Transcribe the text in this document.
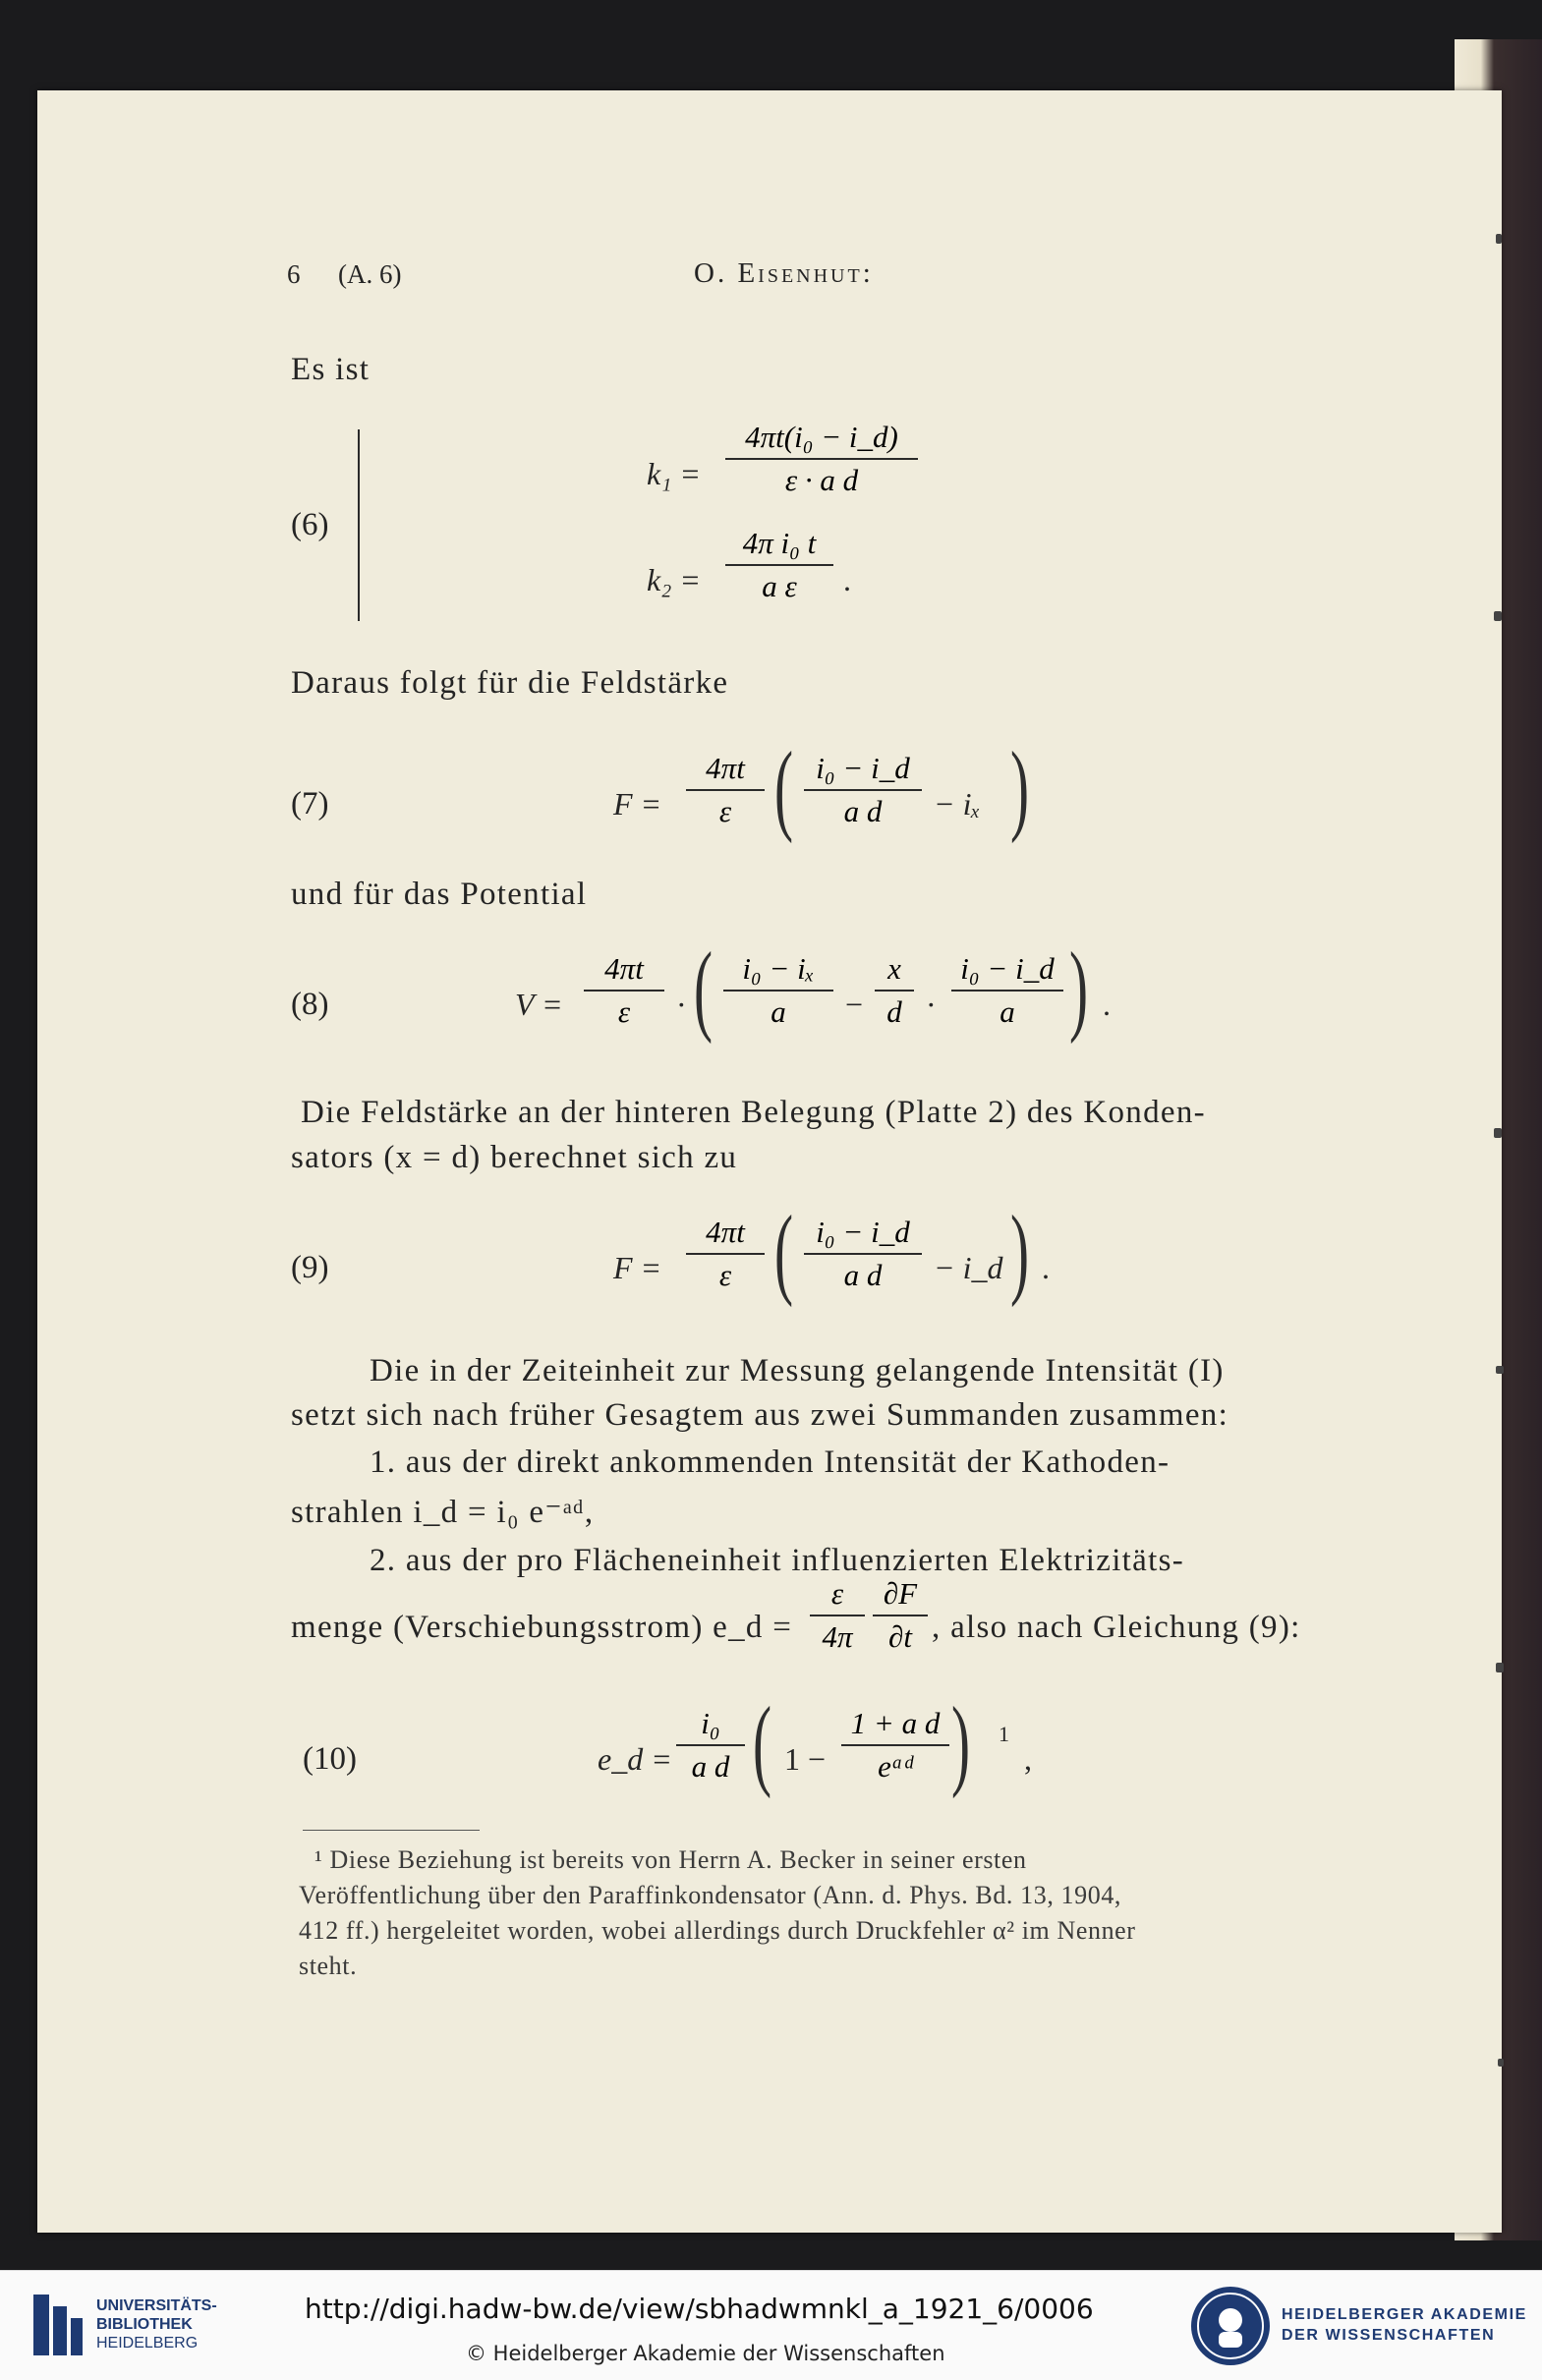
6 (A. 6)	O. Eisenhut:
Es ist
(6)
k₁ =
4πt(i₀ − i_d)
ε · a d
k₂ =
4π i₀ t
a ε	.
Daraus folgt für die Feldstärke
(7)	F =
4πt
ε ( i₀ − i_d
a d	− iₓ )
und für das Potential
(8)	V =
4πt
ε	· ( i₀ − iₓ
a	−
x
d ·
i₀ − i_d
a ) .
Die Feldstärke an der hinteren Belegung (Platte 2) des Konden-
sators (x = d) berechnet sich zu
(9)	F =
4πt
ε ( i₀ − i_d
a d	− i_d ) .
Die in der Zeiteinheit zur Messung gelangende Intensität (I)
setzt sich nach früher Gesagtem aus zwei Summanden zusammen:
1. aus der direkt ankommenden Intensität der Kathoden-
strahlen i_d = i₀ e⁻ᵃᵈ,
2. aus der pro Flächeneinheit influenzierten Elektrizitäts-
menge (Verschiebungsstrom) e_d =
ε
4π
∂F
∂t , also nach Gleichung (9):
(10)	e_d =
i₀
a d ( 1 −
1 + a d
eᵃᵈ ) 1
,
¹ Diese Beziehung ist bereits von Herrn A. Becker in seiner ersten
Veröffentlichung über den Paraffinkondensator (Ann. d. Phys. Bd. 13, 1904,
412 ff.) hergeleitet worden, wobei allerdings durch Druckfehler α² im Nenner
steht.
UNIVERSITÄTS-
BIBLIOTHEK
HEIDELBERG
http://digi.hadw-bw.de/view/sbhadwmnkl_a_1921_6/0006
© Heidelberger Akademie der Wissenschaften
HEIDELBERGER AKADEMIE
DER WISSENSCHAFTEN
